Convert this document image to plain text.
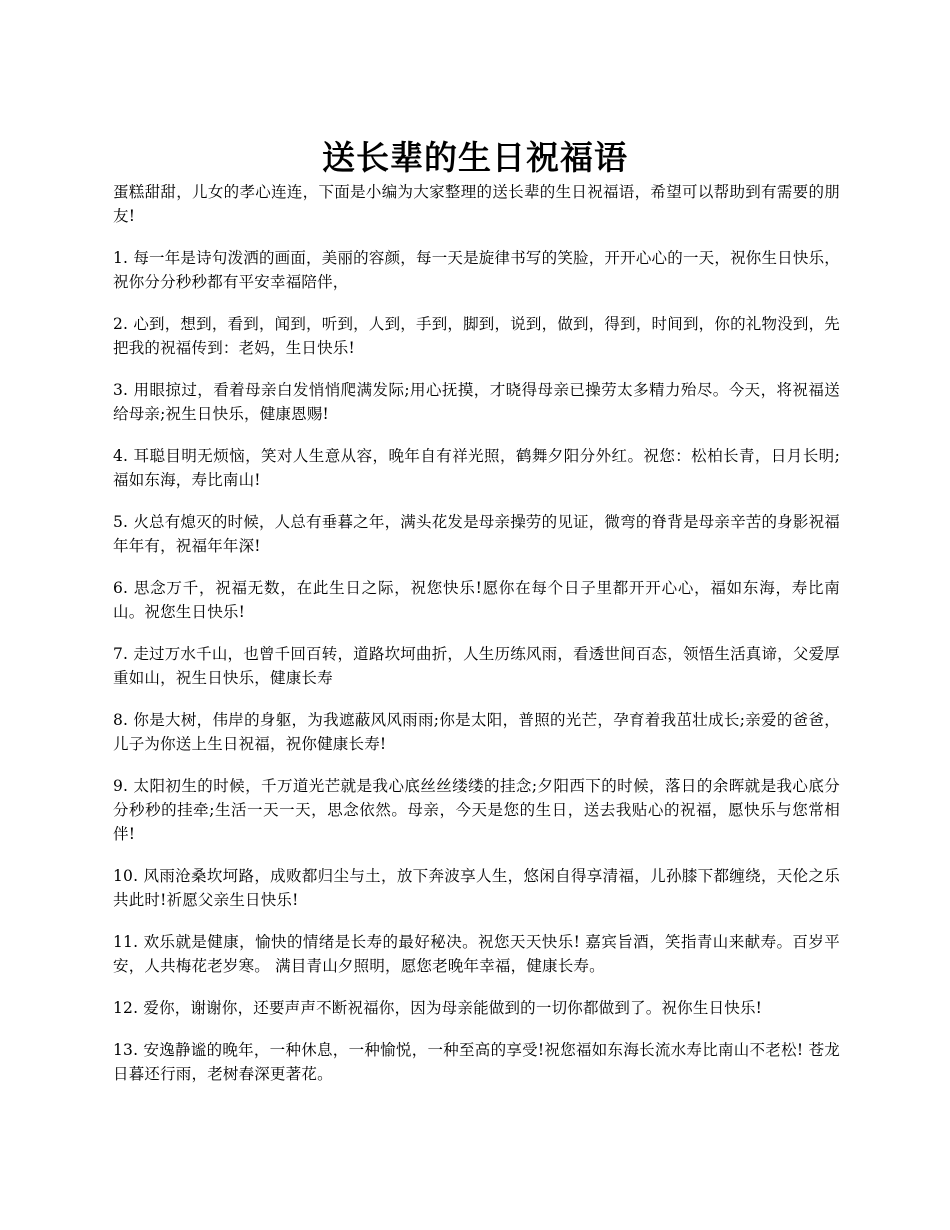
送长辈的生日祝福语

蛋糕甜甜，儿女的孝心连连，下面是小编为大家整理的送长辈的生日祝福语，希望可以帮助到有需要的朋友!

1. 每一年是诗句泼洒的画面，美丽的容颜，每一天是旋律书写的笑脸，开开心心的一天，祝你生日快乐，祝你分分秒秒都有平安幸福陪伴，

2. 心到，想到，看到，闻到，听到，人到，手到，脚到，说到，做到，得到，时间到，你的礼物没到，先把我的祝福传到：老妈，生日快乐!

3. 用眼掠过，看着母亲白发悄悄爬满发际;用心抚摸，才晓得母亲已操劳太多精力殆尽。今天，将祝福送给母亲;祝生日快乐，健康恩赐!

4. 耳聪目明无烦恼，笑对人生意从容，晚年自有祥光照，鹤舞夕阳分外红。祝您：松柏长青，日月长明;福如东海，寿比南山!

5. 火总有熄灭的时候，人总有垂暮之年，满头花发是母亲操劳的见证，微弯的脊背是母亲辛苦的身影祝福年年有，祝福年年深!

6. 思念万千，祝福无数，在此生日之际，祝您快乐!愿你在每个日子里都开开心心，福如东海，寿比南山。祝您生日快乐!

7. 走过万水千山，也曾千回百转，道路坎坷曲折，人生历练风雨，看透世间百态，领悟生活真谛，父爱厚重如山，祝生日快乐，健康长寿

8. 你是大树，伟岸的身躯，为我遮蔽风风雨雨;你是太阳，普照的光芒，孕育着我茁壮成长;亲爱的爸爸，儿子为你送上生日祝福，祝你健康长寿!

9. 太阳初生的时候，千万道光芒就是我心底丝丝缕缕的挂念;夕阳西下的时候，落日的余晖就是我心底分分秒秒的挂牵;生活一天一天，思念依然。母亲，今天是您的生日，送去我贴心的祝福，愿快乐与您常相伴!

10. 风雨沧桑坎坷路，成败都归尘与土，放下奔波享人生，悠闲自得享清福，儿孙膝下都缠绕，天伦之乐共此时!祈愿父亲生日快乐!

11. 欢乐就是健康，愉快的情绪是长寿的最好秘决。祝您天天快乐! 嘉宾旨酒，笑指青山来献寿。百岁平安，人共梅花老岁寒。 满目青山夕照明，愿您老晚年幸福，健康长寿。

12. 爱你，谢谢你，还要声声不断祝福你，因为母亲能做到的一切你都做到了。祝你生日快乐!

13. 安逸静谧的晚年，一种休息，一种愉悦，一种至高的享受!祝您福如东海长流水寿比南山不老松! 苍龙日暮还行雨，老树春深更著花。
